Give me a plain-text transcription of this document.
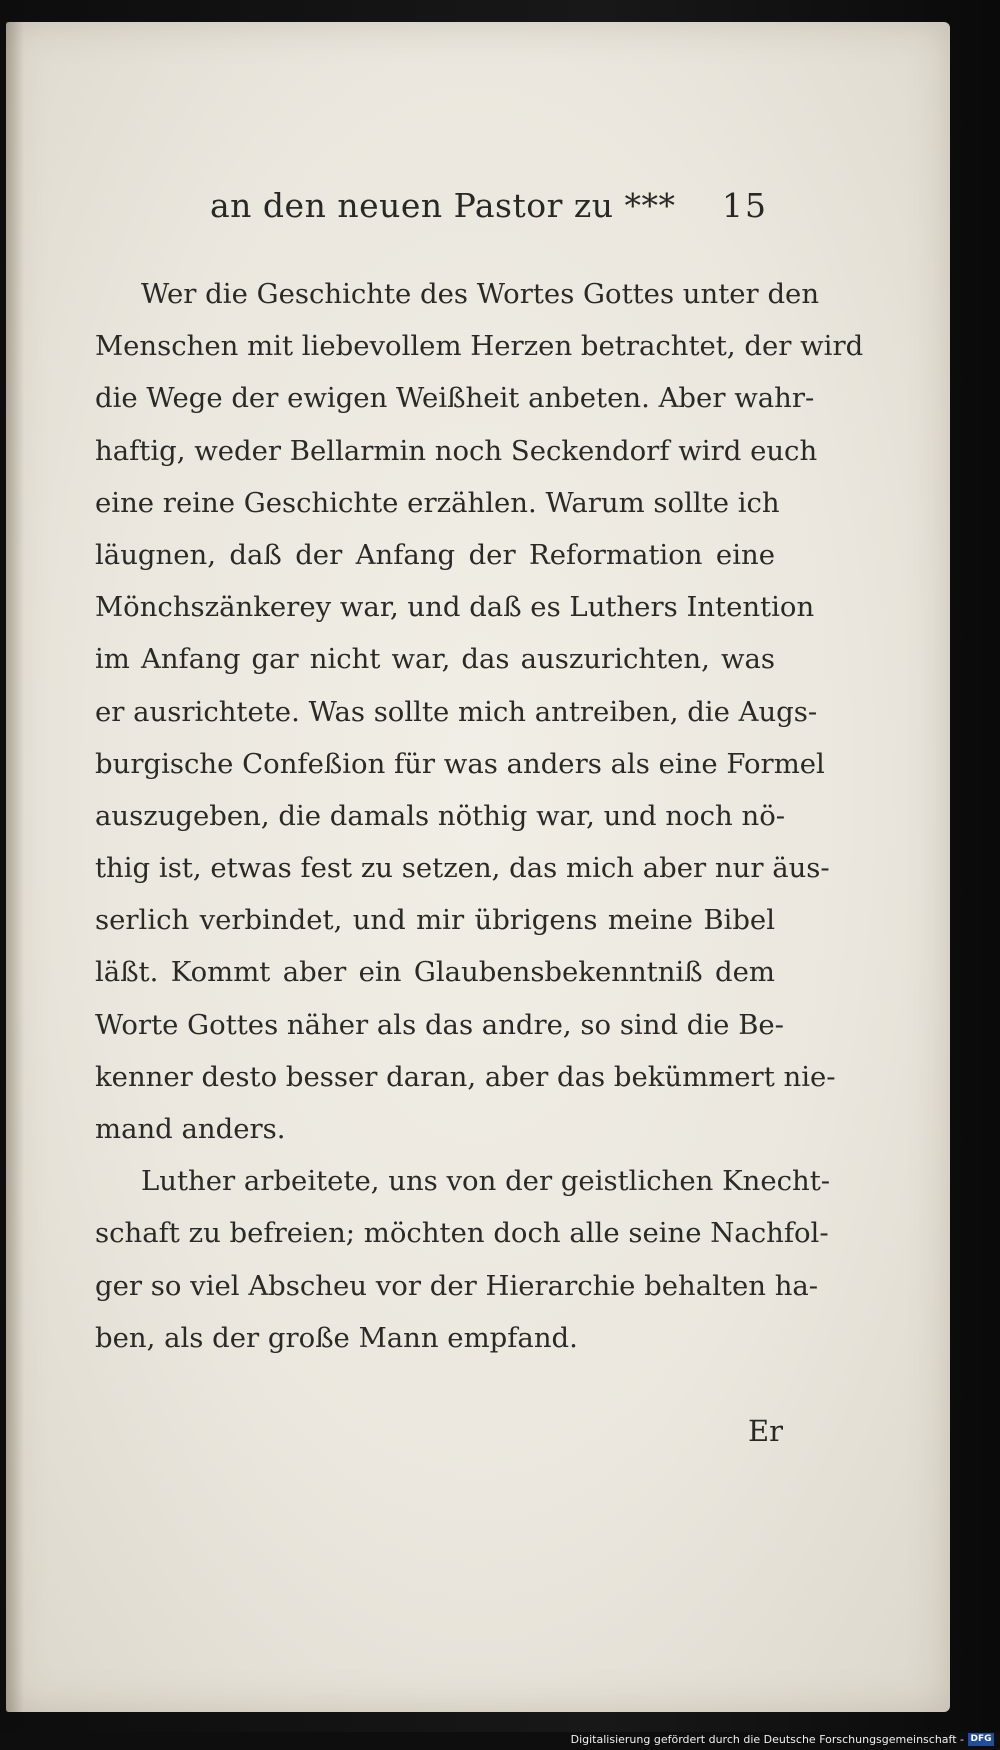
an den neuen Pastor zu ***	15
Wer die Geschichte des Wortes Gottes unter den
Menschen mit liebevollem Herzen betrachtet, der wird
die Wege der ewigen Weißheit anbeten. Aber wahr-
haftig, weder Bellarmin noch Seckendorf wird euch
eine reine Geschichte erzählen. Warum sollte ich
läugnen, daß der Anfang der Reformation eine
Mönchszänkerey war, und daß es Luthers Intention
im Anfang gar nicht war, das auszurichten, was
er ausrichtete. Was sollte mich antreiben, die Augs-
burgische Confeßion für was anders als eine Formel
auszugeben, die damals nöthig war, und noch nö-
thig ist, etwas fest zu setzen, das mich aber nur äus-
serlich verbindet, und mir übrigens meine Bibel
läßt. Kommt aber ein Glaubensbekenntniß dem
Worte Gottes näher als das andre, so sind die Be-
kenner desto besser daran, aber das bekümmert nie-
mand anders.
Luther arbeitete, uns von der geistlichen Knecht-
schaft zu befreien; möchten doch alle seine Nachfol-
ger so viel Abscheu vor der Hierarchie behalten ha-
ben, als der große Mann empfand.
Er
Digitalisierung gefördert durch die Deutsche Forschungsgemeinschaft - DFG
